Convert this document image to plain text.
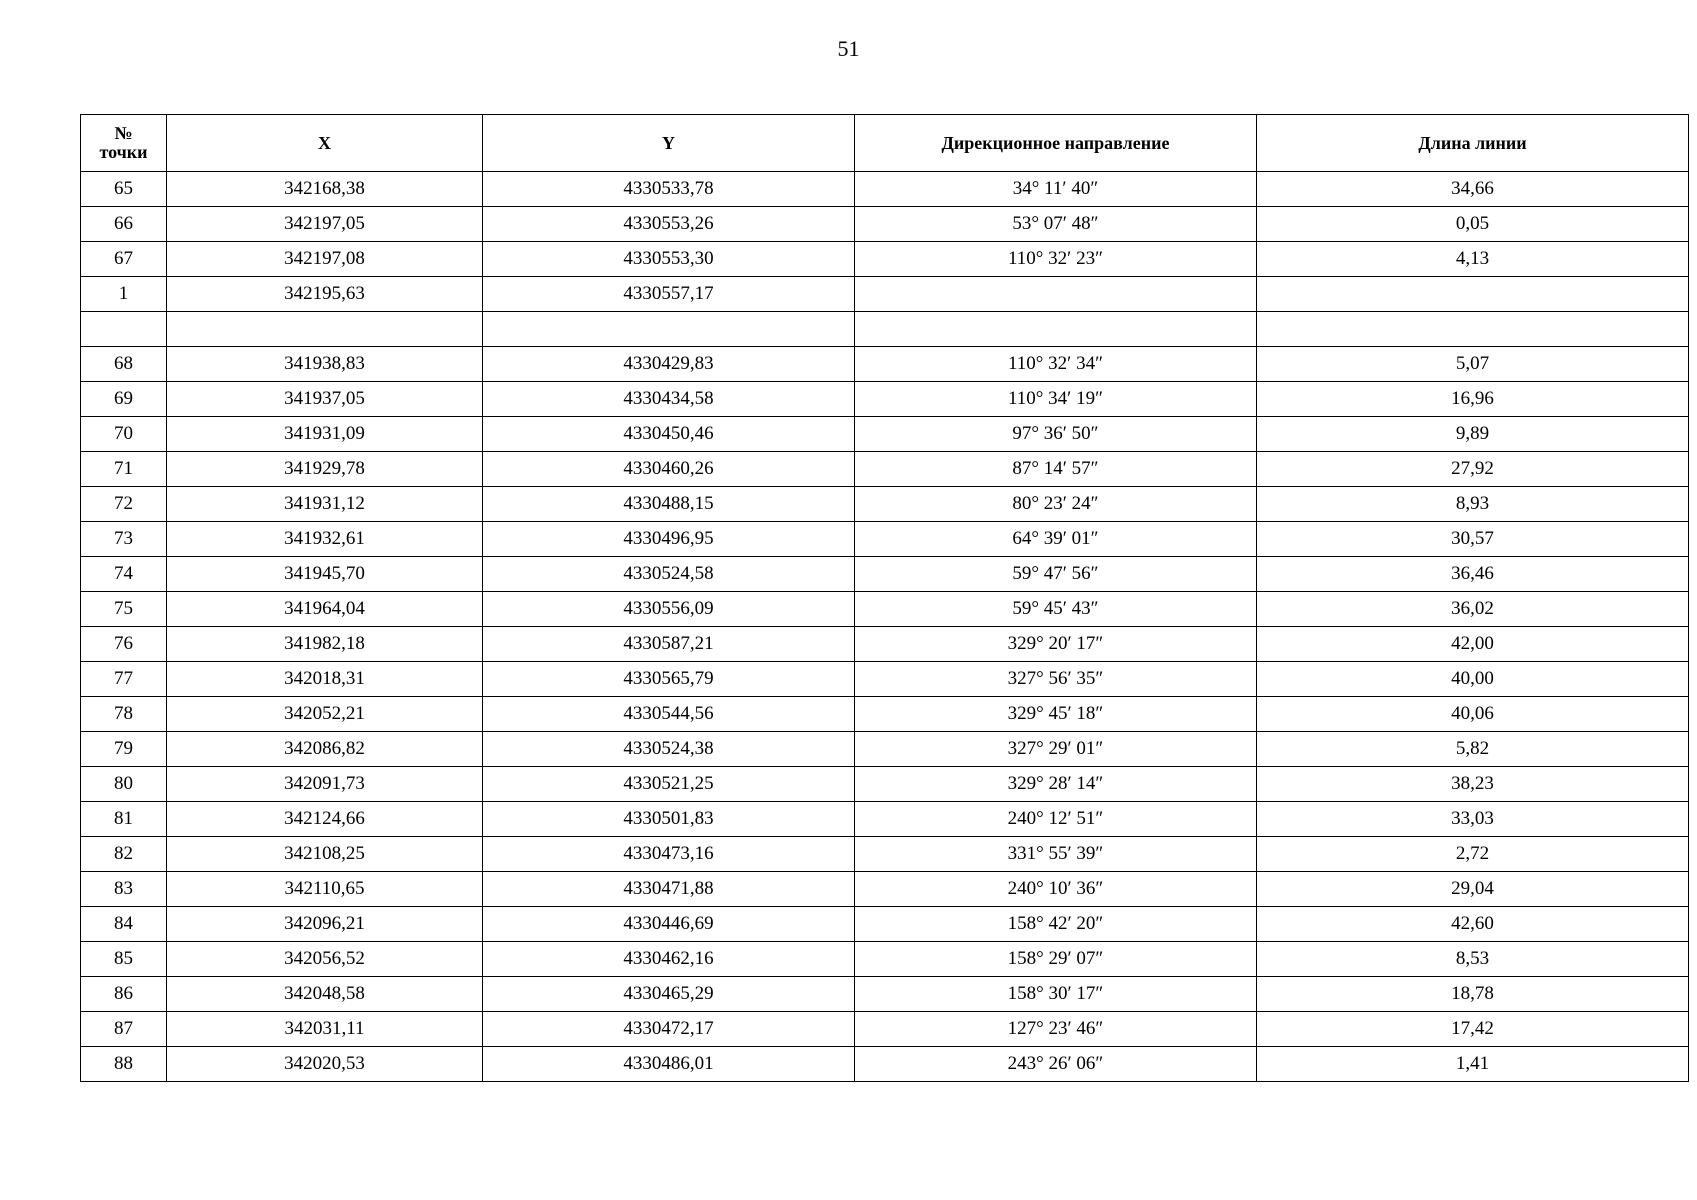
51
№
точки	X	Y	Дирекционное направление	Длина линии
65	342168,38	4330533,78	34° 11′ 40″	34,66
66	342197,05	4330553,26	53° 07′ 48″	0,05
67	342197,08	4330553,30	110° 32′ 23″	4,13
1	342195,63	4330557,17		

68	341938,83	4330429,83	110° 32′ 34″	5,07
69	341937,05	4330434,58	110° 34′ 19″	16,96
70	341931,09	4330450,46	97° 36′ 50″	9,89
71	341929,78	4330460,26	87° 14′ 57″	27,92
72	341931,12	4330488,15	80° 23′ 24″	8,93
73	341932,61	4330496,95	64° 39′ 01″	30,57
74	341945,70	4330524,58	59° 47′ 56″	36,46
75	341964,04	4330556,09	59° 45′ 43″	36,02
76	341982,18	4330587,21	329° 20′ 17″	42,00
77	342018,31	4330565,79	327° 56′ 35″	40,00
78	342052,21	4330544,56	329° 45′ 18″	40,06
79	342086,82	4330524,38	327° 29′ 01″	5,82
80	342091,73	4330521,25	329° 28′ 14″	38,23
81	342124,66	4330501,83	240° 12′ 51″	33,03
82	342108,25	4330473,16	331° 55′ 39″	2,72
83	342110,65	4330471,88	240° 10′ 36″	29,04
84	342096,21	4330446,69	158° 42′ 20″	42,60
85	342056,52	4330462,16	158° 29′ 07″	8,53
86	342048,58	4330465,29	158° 30′ 17″	18,78
87	342031,11	4330472,17	127° 23′ 46″	17,42
88	342020,53	4330486,01	243° 26′ 06″	1,41
